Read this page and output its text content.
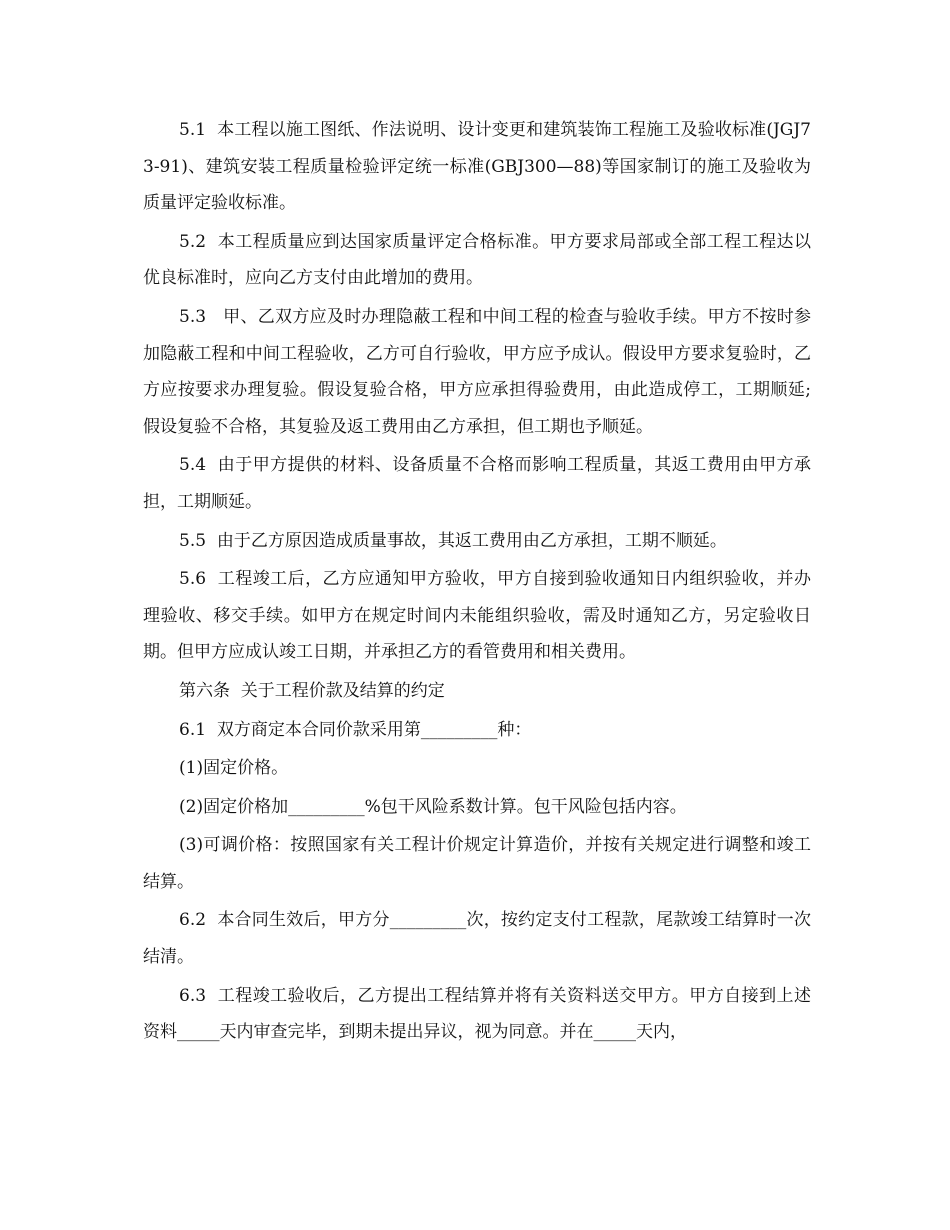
5.1  本工程以施工图纸、作法说明、设计变更和建筑装饰工程施工及验收标准(JGJ73-91)、建筑安装工程质量检验评定统一标准(GBJ300—88)等国家制订的施工及验收为质量评定验收标准。

5.2  本工程质量应到达国家质量评定合格标准。甲方要求局部或全部工程工程达以优良标准时，应向乙方支付由此增加的费用。

5.3   甲、乙双方应及时办理隐蔽工程和中间工程的检查与验收手续。甲方不按时参加隐蔽工程和中间工程验收，乙方可自行验收，甲方应予成认。假设甲方要求复验时，乙方应按要求办理复验。假设复验合格，甲方应承担得验费用，由此造成停工，工期顺延;假设复验不合格，其复验及返工费用由乙方承担，但工期也予顺延。

5.4  由于甲方提供的材料、设备质量不合格而影响工程质量，其返工费用由甲方承担，工期顺延。

5.5  由于乙方原因造成质量事故，其返工费用由乙方承担，工期不顺延。

5.6  工程竣工后，乙方应通知甲方验收，甲方自接到验收通知日内组织验收，并办理验收、移交手续。如甲方在规定时间内未能组织验收，需及时通知乙方，另定验收日期。但甲方应成认竣工日期，并承担乙方的看管费用和相关费用。

第六条  关于工程价款及结算的约定

6.1  双方商定本合同价款采用第_________种：

(1)固定价格。

(2)固定价格加_________%包干风险系数计算。包干风险包括内容。

(3)可调价格：按照国家有关工程计价规定计算造价，并按有关规定进行调整和竣工结算。

6.2  本合同生效后，甲方分_________次，按约定支付工程款，尾款竣工结算时一次结清。

6.3  工程竣工验收后，乙方提出工程结算并将有关资料送交甲方。甲方自接到上述资料_____天内审查完毕，到期未提出异议，视为同意。并在_____天内，
